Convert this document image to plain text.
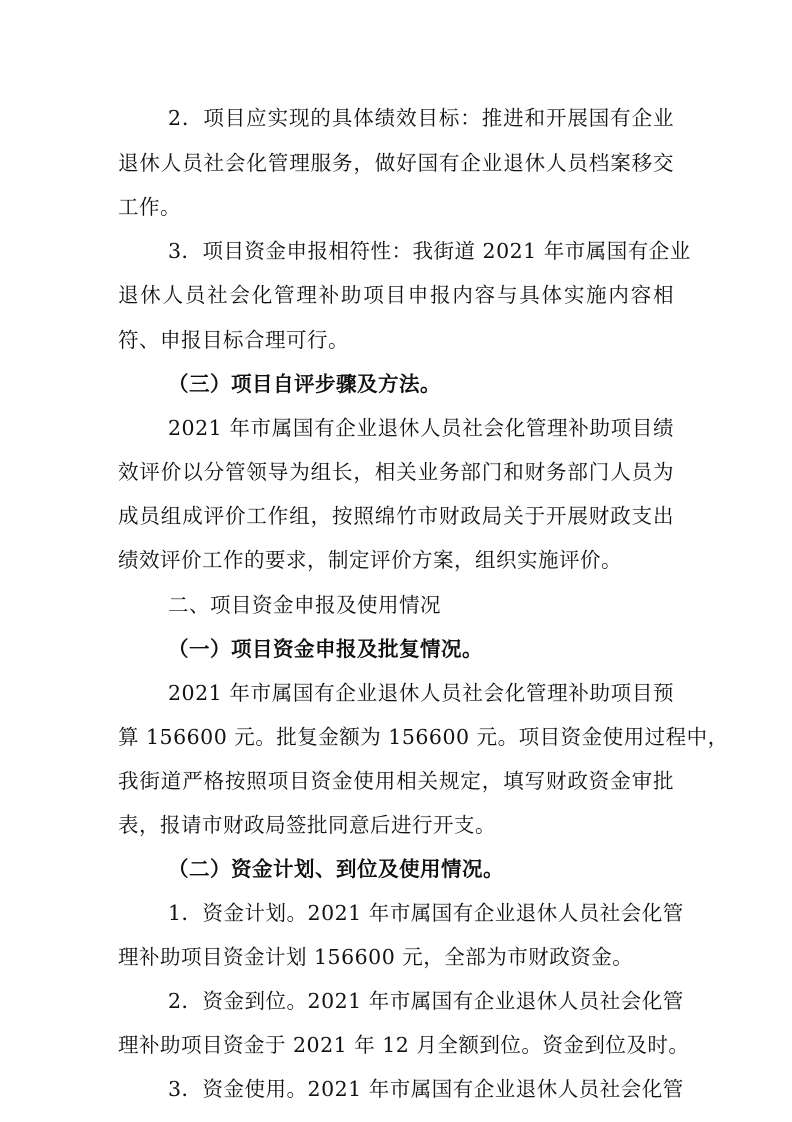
2．项目应实现的具体绩效目标：推进和开展国有企业
退休人员社会化管理服务，做好国有企业退休人员档案移交
工作。
3．项目资金申报相符性：我街道 2021 年市属国有企业
退休人员社会化管理补助项目申报内容与具体实施内容相
符、申报目标合理可行。
（三）项目自评步骤及方法。
2021 年市属国有企业退休人员社会化管理补助项目绩
效评价以分管领导为组长，相关业务部门和财务部门人员为
成员组成评价工作组，按照绵竹市财政局关于开展财政支出
绩效评价工作的要求，制定评价方案，组织实施评价。
二、项目资金申报及使用情况
（一）项目资金申报及批复情况。
2021 年市属国有企业退休人员社会化管理补助项目预
算 156600 元。批复金额为 156600 元。项目资金使用过程中，
我街道严格按照项目资金使用相关规定，填写财政资金审批
表，报请市财政局签批同意后进行开支。
（二）资金计划、到位及使用情况。
1．资金计划。2021 年市属国有企业退休人员社会化管
理补助项目资金计划 156600 元，全部为市财政资金。
2．资金到位。2021 年市属国有企业退休人员社会化管
理补助项目资金于 2021 年 12 月全额到位。资金到位及时。
3．资金使用。2021 年市属国有企业退休人员社会化管
